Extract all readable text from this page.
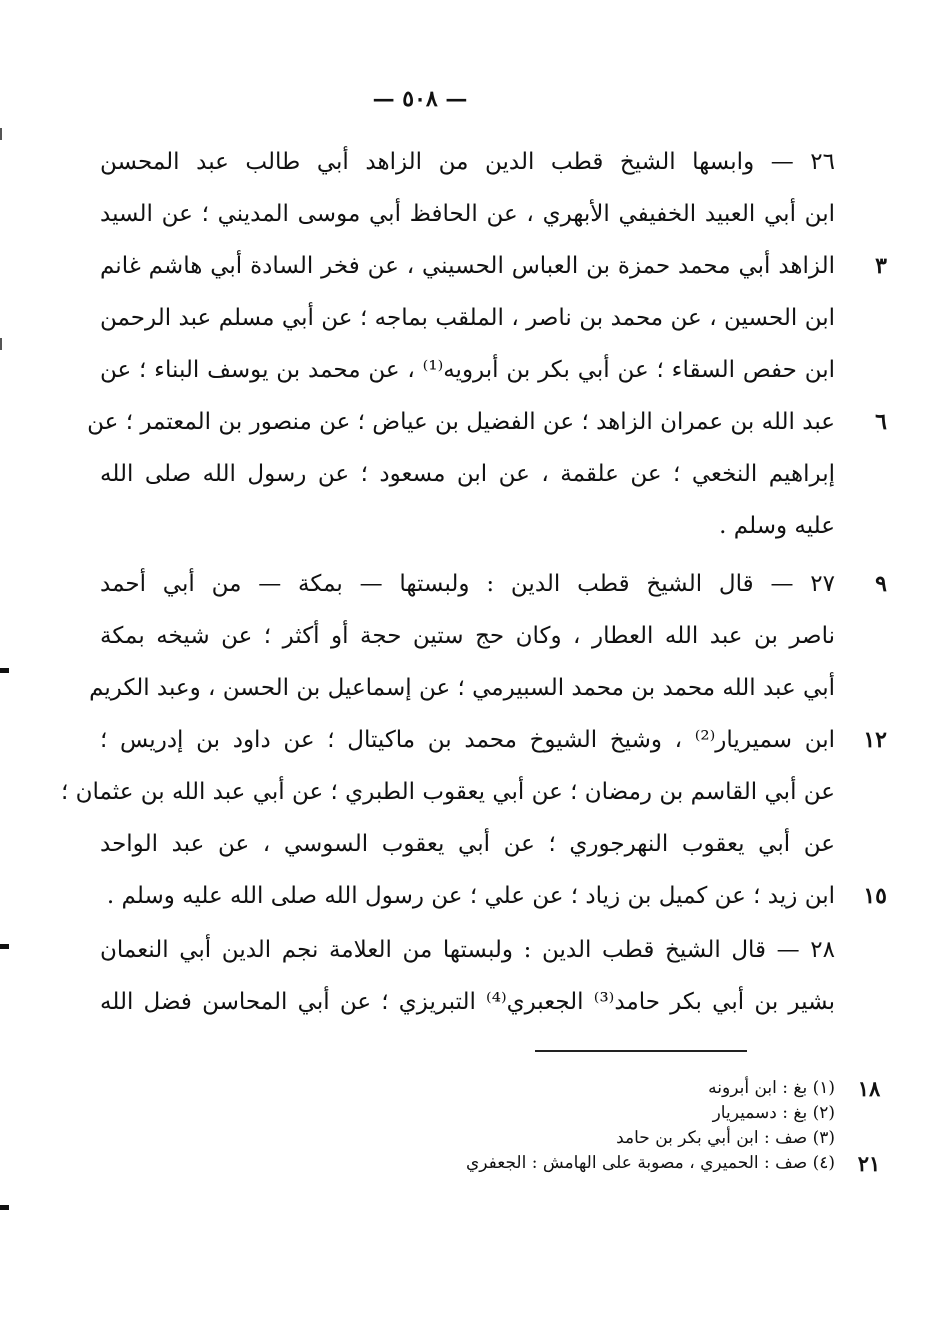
— ٥٠٨ —
٢٦ — وابسها الشيخ قطب الدين من الزاهد أبي طالب عبد المحسن
ابن أبي العبيد الخفيفي الأبهري ، عن الحافظ أبي موسى المديني ؛ عن السيد
الزاهد أبي محمد حمزة بن العباس الحسيني ، عن فخر السادة أبي هاشم غانم	٣
ابن الحسين ، عن محمد بن ناصر ، الملقب بماجه ؛ عن أبي مسلم عبد الرحمن
ابن حفص السقاء ؛ عن أبي بكر بن أبرويه⁽¹⁾ ، عن محمد بن يوسف البناء ؛ عن
عبد الله بن عمران الزاهد ؛ عن الفضيل بن عياض ؛ عن منصور بن المعتمر ؛ عن	٦
إبراهيم النخعي ؛ عن علقمة ، عن ابن مسعود ؛ عن رسول الله صلى الله
عليه وسلم .
٢٧ — قال الشيخ قطب الدين : ولبستها — بمكة — من أبي أحمد	٩
ناصر بن عبد الله العطار ، وكان حج ستين حجة أو أكثر ؛ عن شيخه بمكة
أبي عبد الله محمد بن محمد السبيرمي ؛ عن إسماعيل بن الحسن ، وعبد الكريم
ابن سميريار⁽²⁾ ، وشيخ الشيوخ محمد بن ماكيتال ؛ عن داود بن إدريس ؛	١٢
عن أبي القاسم بن رمضان ؛ عن أبي يعقوب الطبري ؛ عن أبي عبد الله بن عثمان ؛
عن أبي يعقوب النهرجوري ؛ عن أبي يعقوب السوسي ، عن عبد الواحد
ابن زيد ؛ عن كميل بن زياد ؛ عن علي ؛ عن رسول الله صلى الله عليه وسلم .	١٥
٢٨ — قال الشيخ قطب الدين : ولبستها من العلامة نجم الدين أبي النعمان
بشير بن أبي بكر حامد⁽³⁾ الجعبري⁽⁴⁾ التبريزي ؛ عن أبي المحاسن فضل الله
(١) بغ : ابن أبرونه	١٨
(٢) بغ : دسميريار
(٣) صف : ابن أبي بكر بن حامد
(٤) صف : الحميري ، مصوبة على الهامش : الجعفري	٢١
